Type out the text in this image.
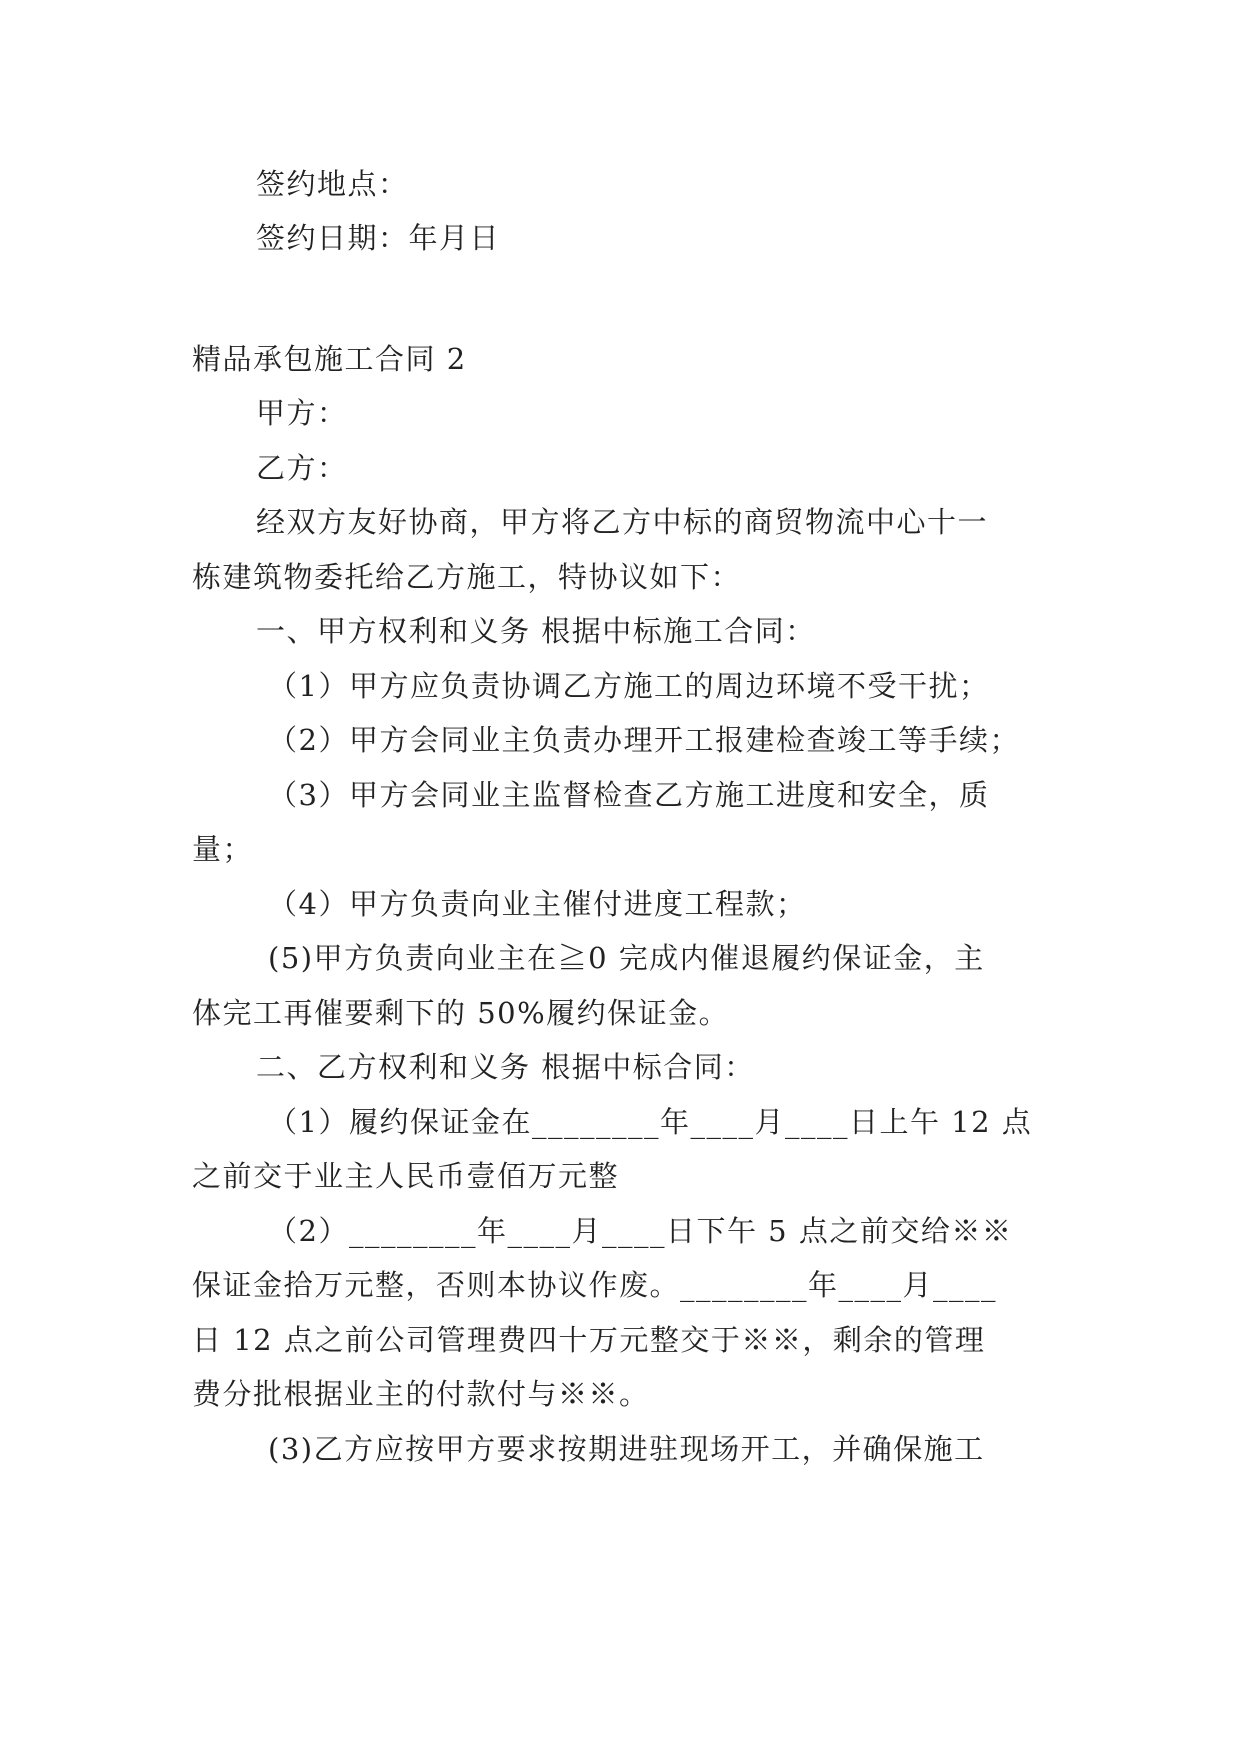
签约地点：
签约日期：年月日
精品承包施工合同 2
甲方：
乙方：
经双方友好协商，甲方将乙方中标的商贸物流中心十一
栋建筑物委托给乙方施工，特协议如下：
一、甲方权利和义务 根据中标施工合同：
（1）甲方应负责协调乙方施工的周边环境不受干扰；
（2）甲方会同业主负责办理开工报建检查竣工等手续；
（3）甲方会同业主监督检查乙方施工进度和安全，质
量；
（4）甲方负责向业主催付进度工程款；
(5)甲方负责向业主在≧0 完成内催退履约保证金，主
体完工再催要剩下的 50%履约保证金。
二、乙方权利和义务 根据中标合同：
（1）履约保证金在________年____月____日上午 12 点
之前交于业主人民币壹佰万元整
（2）________年____月____日下午 5 点之前交给※※
保证金拾万元整，否则本协议作废。________年____月____
日 12 点之前公司管理费四十万元整交于※※，剩余的管理
费分批根据业主的付款付与※※。
(3)乙方应按甲方要求按期进驻现场开工，并确保施工
